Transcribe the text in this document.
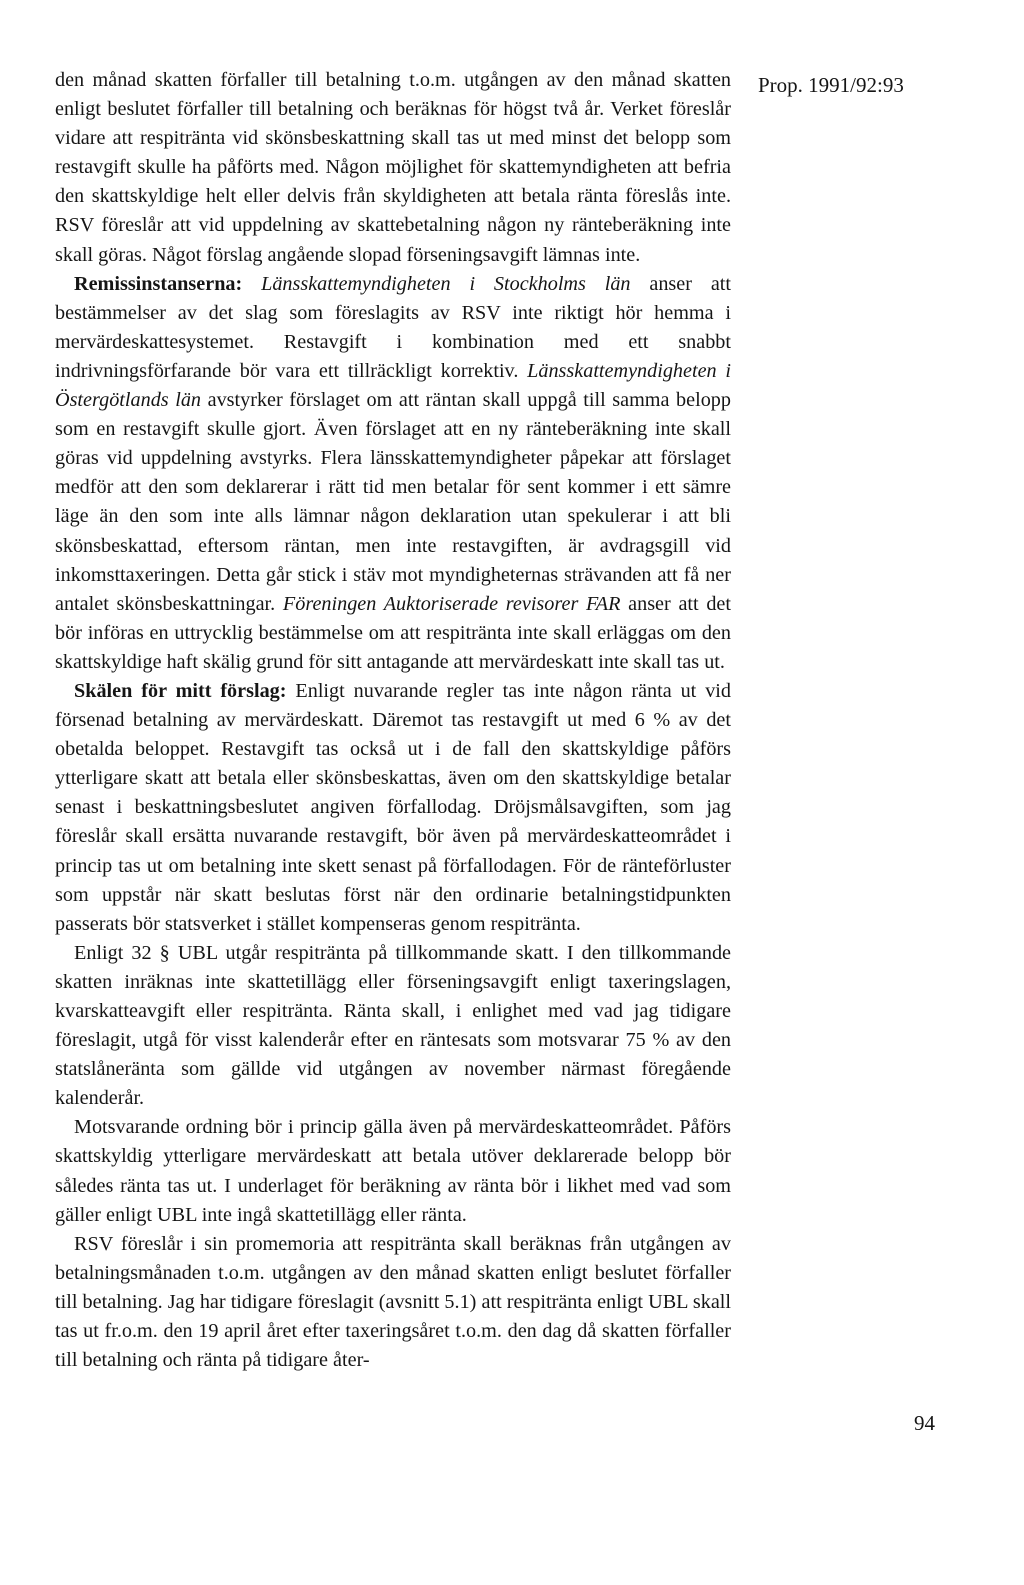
Prop. 1991/92:93

den månad skatten förfaller till betalning t.o.m. utgången av den månad skatten enligt beslutet förfaller till betalning och beräknas för högst två år. Verket föreslår vidare att respitränta vid skönsbeskattning skall tas ut med minst det belopp som restavgift skulle ha påförts med. Någon möjlighet för skattemyndigheten att befria den skattskyldige helt eller delvis från skyldigheten att betala ränta föreslås inte. RSV föreslår att vid uppdelning av skattebetalning någon ny ränteberäkning inte skall göras. Något förslag angående slopad förseningsavgift lämnas inte.

Remissinstanserna: Länsskattemyndigheten i Stockholms län anser att bestämmelser av det slag som föreslagits av RSV inte riktigt hör hemma i mervärdeskattesystemet. Restavgift i kombination med ett snabbt indrivningsförfarande bör vara ett tillräckligt korrektiv. Länsskattemyndigheten i Östergötlands län avstyrker förslaget om att räntan skall uppgå till samma belopp som en restavgift skulle gjort. Även förslaget att en ny ränteberäkning inte skall göras vid uppdelning avstyrks. Flera länsskattemyndigheter påpekar att förslaget medför att den som deklarerar i rätt tid men betalar för sent kommer i ett sämre läge än den som inte alls lämnar någon deklaration utan spekulerar i att bli skönsbeskattad, eftersom räntan, men inte restavgiften, är avdragsgill vid inkomsttaxeringen. Detta går stick i stäv mot myndigheternas strävanden att få ner antalet skönsbeskattningar. Föreningen Auktoriserade revisorer FAR anser att det bör införas en uttrycklig bestämmelse om att respitränta inte skall erläggas om den skattskyldige haft skälig grund för sitt antagande att mervärdeskatt inte skall tas ut.

Skälen för mitt förslag: Enligt nuvarande regler tas inte någon ränta ut vid försenad betalning av mervärdeskatt. Däremot tas restavgift ut med 6 % av det obetalda beloppet. Restavgift tas också ut i de fall den skattskyldige påförs ytterligare skatt att betala eller skönsbeskattas, även om den skattskyldige betalar senast i beskattningsbeslutet angiven förfallodag. Dröjsmålsavgiften, som jag föreslår skall ersätta nuvarande restavgift, bör även på mervärdeskatteområdet i princip tas ut om betalning inte skett senast på förfallodagen. För de ränteförluster som uppstår när skatt beslutas först när den ordinarie betalningstidpunkten passerats bör statsverket i stället kompenseras genom respitränta.

Enligt 32 § UBL utgår respitränta på tillkommande skatt. I den tillkommande skatten inräknas inte skattetillägg eller förseningsavgift enligt taxeringslagen, kvarskatteavgift eller respitränta. Ränta skall, i enlighet med vad jag tidigare föreslagit, utgå för visst kalenderår efter en räntesats som motsvarar 75 % av den statslåneränta som gällde vid utgången av november närmast föregående kalenderår.

Motsvarande ordning bör i princip gälla även på mervärdeskatteområdet. Påförs skattskyldig ytterligare mervärdeskatt att betala utöver deklarerade belopp bör således ränta tas ut. I underlaget för beräkning av ränta bör i likhet med vad som gäller enligt UBL inte ingå skattetillägg eller ränta.

RSV föreslår i sin promemoria att respitränta skall beräknas från utgången av betalningsmånaden t.o.m. utgången av den månad skatten enligt beslutet förfaller till betalning. Jag har tidigare föreslagit (avsnitt 5.1) att respitränta enligt UBL skall tas ut fr.o.m. den 19 april året efter taxeringsåret t.o.m. den dag då skatten förfaller till betalning och ränta på tidigare åter-

94
